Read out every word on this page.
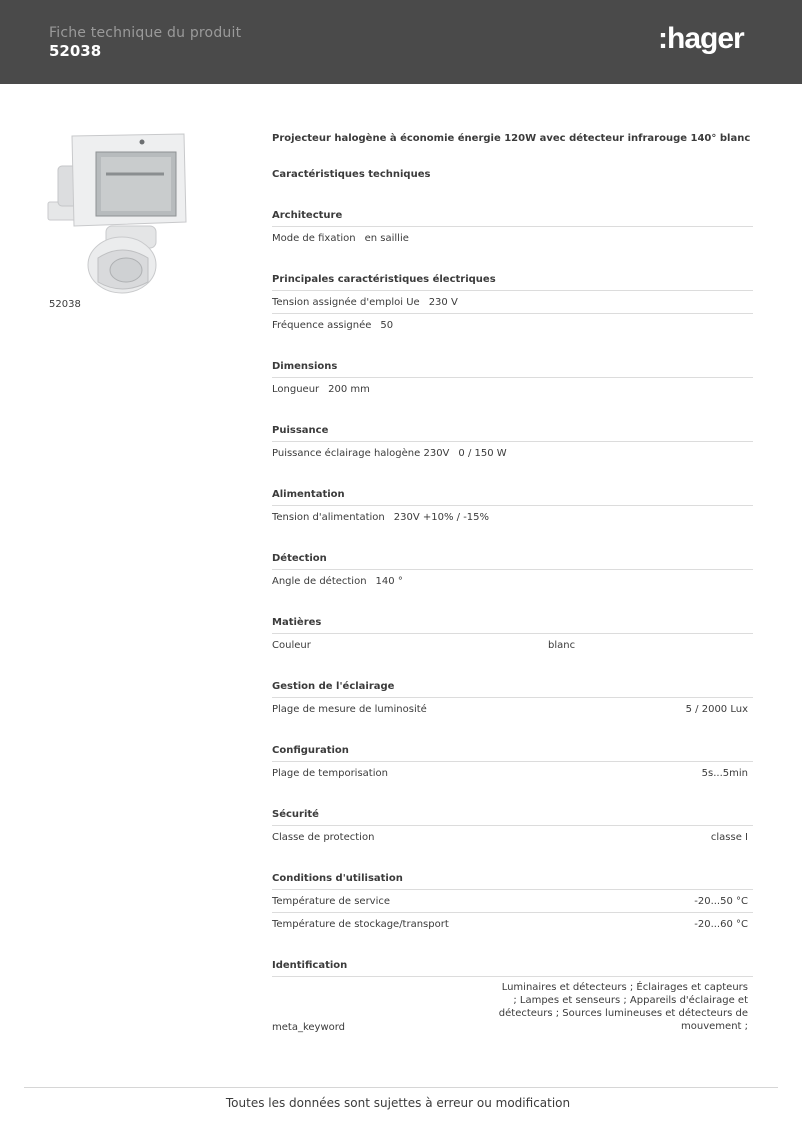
Fiche technique du produit
52038	:hager
52038
Projecteur halogène à économie énergie 120W avec détecteur infrarouge 140° blanc
Caractéristiques techniques
Architecture
Mode de fixation en saillie
Principales caractéristiques électriques
Tension assignée d'emploi Ue 230 V
Fréquence assignée 50
Dimensions
Longueur 200 mm
Puissance
Puissance éclairage halogène 230V 0 / 150 W
Alimentation
Tension d'alimentation 230V +10% / -15%
Détection
Angle de détection 140 °
Matières
Couleur	blanc
Gestion de l'éclairage
Plage de mesure de luminosité	5 / 2000 Lux
Configuration
Plage de temporisation	5s...5min
Sécurité
Classe de protection	classe I
Conditions d'utilisation
Température de service	-20...50 °C
Température de stockage/transport	-20...60 °C
Identification
meta_keyword
Luminaires et détecteurs ; Éclairages et capteurs ; Lampes et senseurs ; Appareils d'éclairage et détecteurs ; Sources lumineuses et détecteurs de mouvement ;
Toutes les données sont sujettes à erreur ou modification
